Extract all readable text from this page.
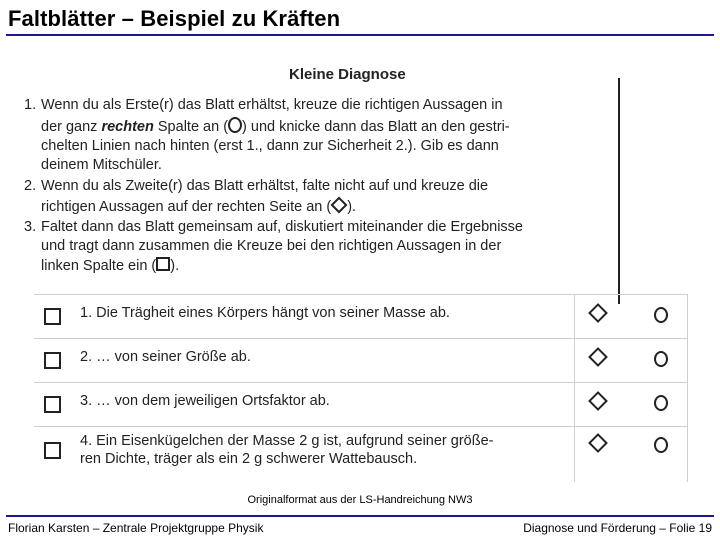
Faltblätter – Beispiel zu Kräften
Kleine Diagnose
1. Wenn du als Erste(r) das Blatt erhältst, kreuze die richtigen Aussagen in
der ganz rechten Spalte an ( ) und knicke dann das Blatt an den gestri-
chelten Linien nach hinten (erst 1., dann zur Sicherheit 2.). Gib es dann
deinem Mitschüler.
2. Wenn du als Zweite(r) das Blatt erhältst, falte nicht auf und kreuze die
richtigen Aussagen auf der rechten Seite an ( ).
3. Faltet dann das Blatt gemeinsam auf, diskutiert miteinander die Ergebnisse
und tragt dann zusammen die Kreuze bei den richtigen Aussagen in der
linken Spalte ein ( ).
1. Die Trägheit eines Körpers hängt von seiner Masse ab.
2. … von seiner Größe ab.
3. … von dem jeweiligen Ortsfaktor ab.
4. Ein Eisenkügelchen der Masse 2 g ist, aufgrund seiner größe-
ren Dichte, träger als ein 2 g schwerer Wattebausch.
Originalformat aus der LS-Handreichung NW3
Florian Karsten – Zentrale Projektgruppe Physik	Diagnose und Förderung – Folie 19
